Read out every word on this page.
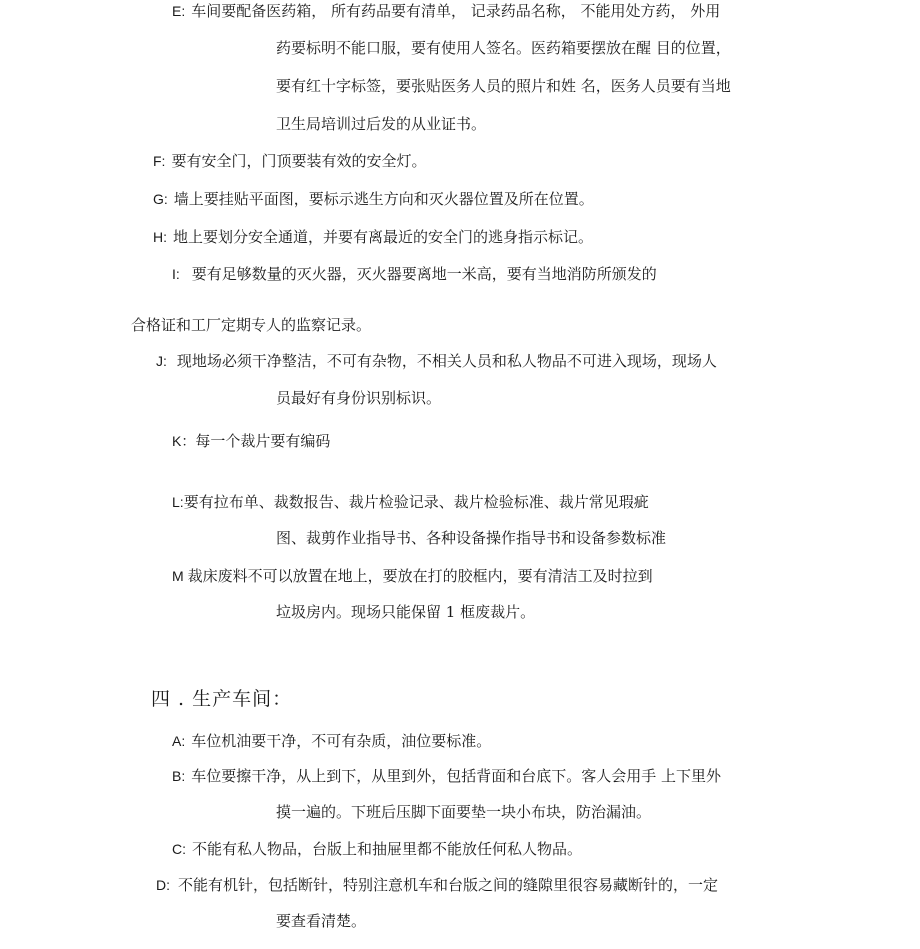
E: 车间要配备医药箱， 所有药品要有清单， 记录药品名称， 不能用处方药， 外用
药要标明不能口服，要有使用人签名。医药箱要摆放在醒 目的位置，
要有红十字标签，要张贴医务人员的照片和姓 名，医务人员要有当地
卫生局培训过后发的从业证书。
F: 要有安全门，门顶要装有效的安全灯。
G: 墙上要挂贴平面图，要标示逃生方向和灭火器位置及所在位置。
H: 地上要划分安全通道，并要有离最近的安全门的逃身指示标记。
I: 要有足够数量的灭火器，灭火器要离地一米高，要有当地消防所颁发的
合格证和工厂定期专人的监察记录。
J: 现地场必须干净整洁，不可有杂物，不相关人员和私人物品不可进入现场，现场人
员最好有身份识别标识。
K：每一个裁片要有编码
L:要有拉布单、裁数报告、裁片检验记录、裁片检验标准、裁片常见瑕疵
图、裁剪作业指导书、各种设备操作指导书和设备参数标准
M 裁床废料不可以放置在地上，要放在打的胶框内，要有清洁工及时拉到
垃圾房内。现场只能保留 1 框废裁片。
四 . 生产车间：
A: 车位机油要干净，不可有杂质，油位要标准。
B: 车位要擦干净，从上到下，从里到外，包括背面和台底下。客人会用手 上下里外
摸一遍的。下班后压脚下面要垫一块小布块，防治漏油。
C: 不能有私人物品，台版上和抽屉里都不能放任何私人物品。
D: 不能有机针，包括断针，特别注意机车和台版之间的缝隙里很容易藏断针的，一定
要查看清楚。
